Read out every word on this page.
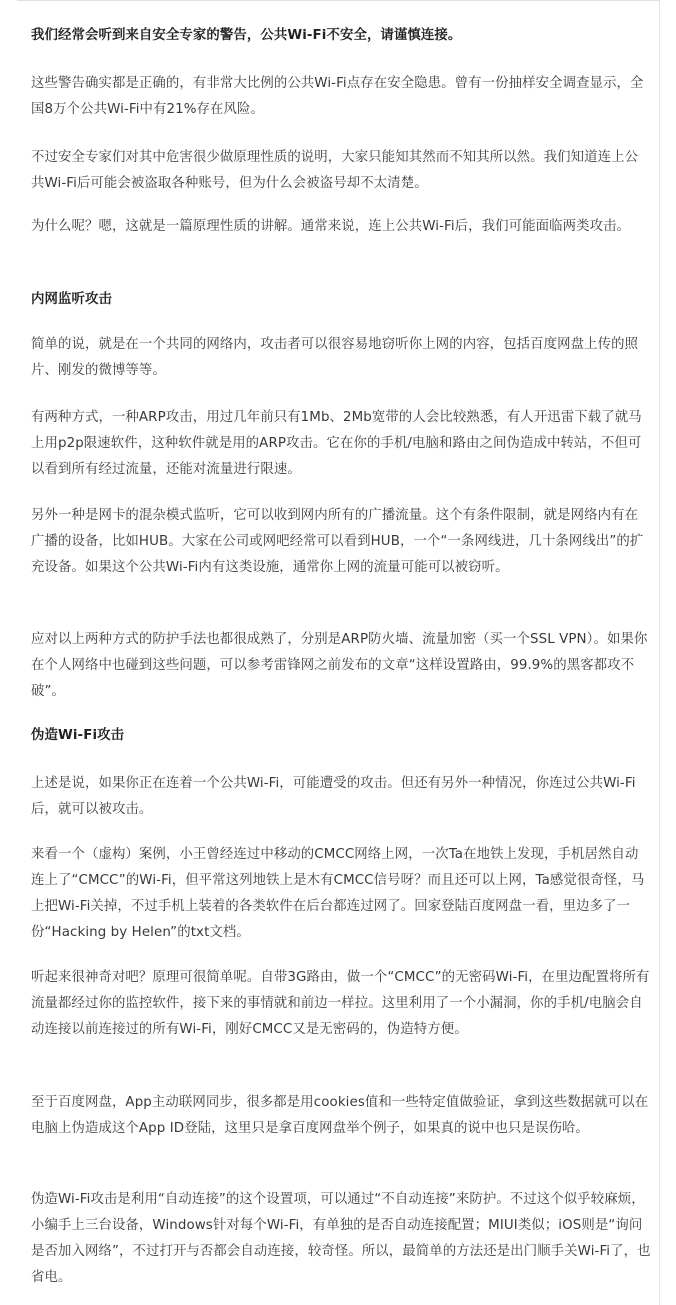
我们经常会听到来自安全专家的警告，公共Wi-Fi不安全，请谨慎连接。

这些警告确实都是正确的，有非常大比例的公共Wi-Fi点存在安全隐患。曾有一份抽样安全调查显示，全国8万个公共Wi-Fi中有21%存在风险。

不过安全专家们对其中危害很少做原理性质的说明，大家只能知其然而不知其所以然。我们知道连上公共Wi-Fi后可能会被盗取各种账号，但为什么会被盗号却不太清楚。

为什么呢？嗯，这就是一篇原理性质的讲解。通常来说，连上公共Wi-Fi后，我们可能面临两类攻击。

内网监听攻击

简单的说，就是在一个共同的网络内，攻击者可以很容易地窃听你上网的内容，包括百度网盘上传的照片、刚发的微博等等。

有两种方式，一种ARP攻击，用过几年前只有1Mb、2Mb宽带的人会比较熟悉，有人开迅雷下载了就马上用p2p限速软件，这种软件就是用的ARP攻击。它在你的手机/电脑和路由之间伪造成中转站，不但可以看到所有经过流量，还能对流量进行限速。

另外一种是网卡的混杂模式监听，它可以收到网内所有的广播流量。这个有条件限制，就是网络内有在广播的设备，比如HUB。大家在公司或网吧经常可以看到HUB，一个“一条网线进，几十条网线出”的扩充设备。如果这个公共Wi-Fi内有这类设施，通常你上网的流量可能可以被窃听。

应对以上两种方式的防护手法也都很成熟了，分别是ARP防火墙、流量加密（买一个SSL VPN）。如果你在个人网络中也碰到这些问题，可以参考雷锋网之前发布的文章“这样设置路由，99.9%的黑客都攻不破”。

伪造Wi-Fi攻击

上述是说，如果你正在连着一个公共Wi-Fi，可能遭受的攻击。但还有另外一种情况，你连过公共Wi-Fi后，就可以被攻击。

来看一个（虚构）案例，小王曾经连过中移动的CMCC网络上网，一次Ta在地铁上发现，手机居然自动连上了“CMCC”的Wi-Fi，但平常这列地铁上是木有CMCC信号呀？而且还可以上网，Ta感觉很奇怪，马上把Wi-Fi关掉，不过手机上装着的各类软件在后台都连过网了。回家登陆百度网盘一看，里边多了一份“Hacking by Helen”的txt文档。

听起来很神奇对吧？原理可很简单呢。自带3G路由，做一个“CMCC”的无密码Wi-Fi，在里边配置将所有流量都经过你的监控软件，接下来的事情就和前边一样拉。这里利用了一个小漏洞，你的手机/电脑会自动连接以前连接过的所有Wi-Fi，刚好CMCC又是无密码的，伪造特方便。

至于百度网盘，App主动联网同步，很多都是用cookies值和一些特定值做验证，拿到这些数据就可以在电脑上伪造成这个App ID登陆，这里只是拿百度网盘举个例子，如果真的说中也只是误伤哈。

伪造Wi-Fi攻击是利用“自动连接”的这个设置项，可以通过“不自动连接”来防护。不过这个似乎较麻烦，小编手上三台设备，Windows针对每个Wi-Fi，有单独的是否自动连接配置；MIUI类似；iOS则是“询问是否加入网络”，不过打开与否都会自动连接，较奇怪。所以，最简单的方法还是出门顺手关Wi-Fi了，也省电。
